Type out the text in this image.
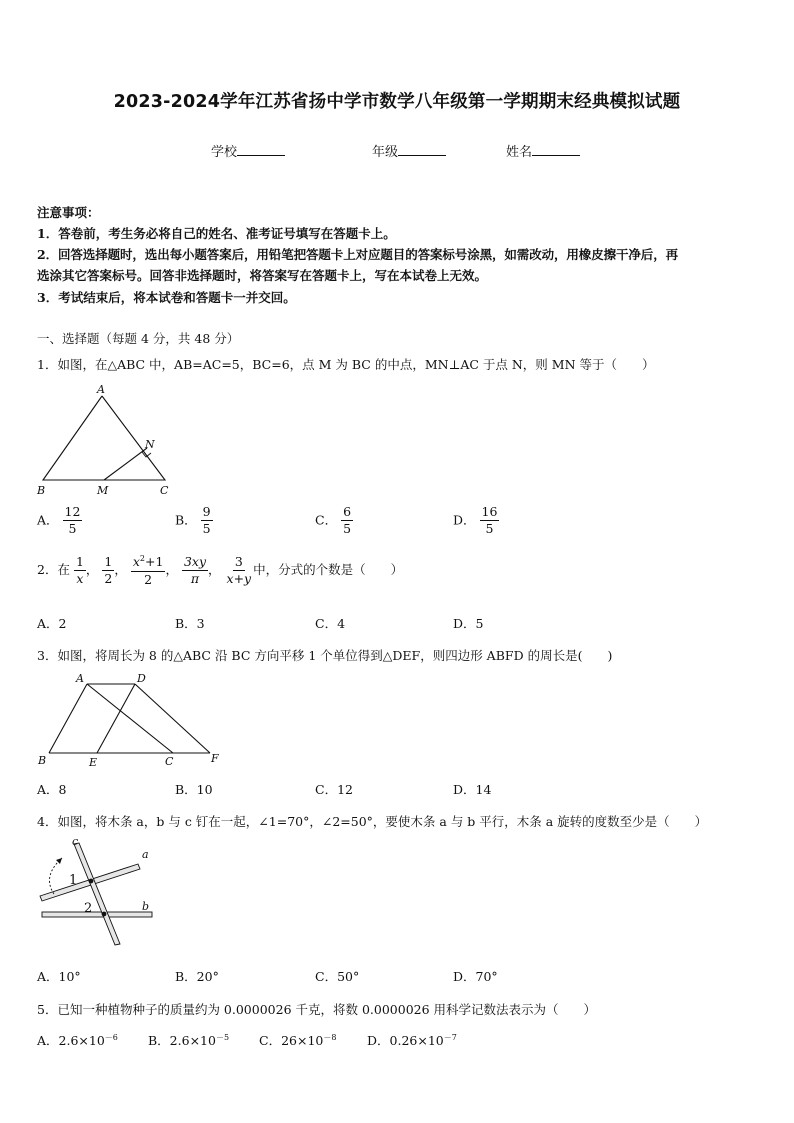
2023-2024学年江苏省扬中学市数学八年级第一学期期末经典模拟试题
学校	年级	姓名
注意事项：
1．答卷前，考生务必将自己的姓名、准考证号填写在答题卡上。
2．回答选择题时，选出每小题答案后，用铅笔把答题卡上对应题目的答案标号涂黑，如需改动，用橡皮擦干净后，再
选涂其它答案标号。回答非选择题时，将答案写在答题卡上，写在本试卷上无效。
3．考试结束后，将本试卷和答题卡一并交回。
一、选择题（每题 4 分，共 48 分）
1．如图，在△ABC 中，AB=AC=5，BC=6，点 M 为 BC 的中点，MN⊥AC 于点 N，则 MN 等于（　　）
A
B	C
M
N
A． $\frac{12}{5}$	B． $\frac{9}{5}$	C． $\frac{6}{5}$	D． $\frac{16}{5}$
2．在 $\frac{1}{x}$ ， $\frac{1}{2}$ ， $\frac{x^2+1}{2}$ ， $\frac{3xy}{\pi}$ ， $\frac{3}{x+y}$ 中，分式的个数是（　　）
A．2	B．3	C．4	D．5
3．如图，将周长为 8 的△ABC 沿 BC 方向平移 1 个单位得到△DEF，则四边形 ABFD 的周长是(　　)
A	D
B	E	C	F
A．8	B．10	C．12	D．14
4．如图，将木条 a，b 与 c 钉在一起，∠1=70°，∠2=50°，要使木条 a 与 b 平行，木条 a 旋转的度数至少是（　　）
c
a
b
1
2
A．10°	B．20°	C．50°	D．70°
5．已知一种植物种子的质量约为 0.0000026 千克，将数 0.0000026 用科学记数法表示为（　　）
A．$2.6\times 10^{-6}$ B．$2.6\times 10^{-5}$ C．$26\times 10^{-8}$ D．$0.26\times 10^{-7}$
